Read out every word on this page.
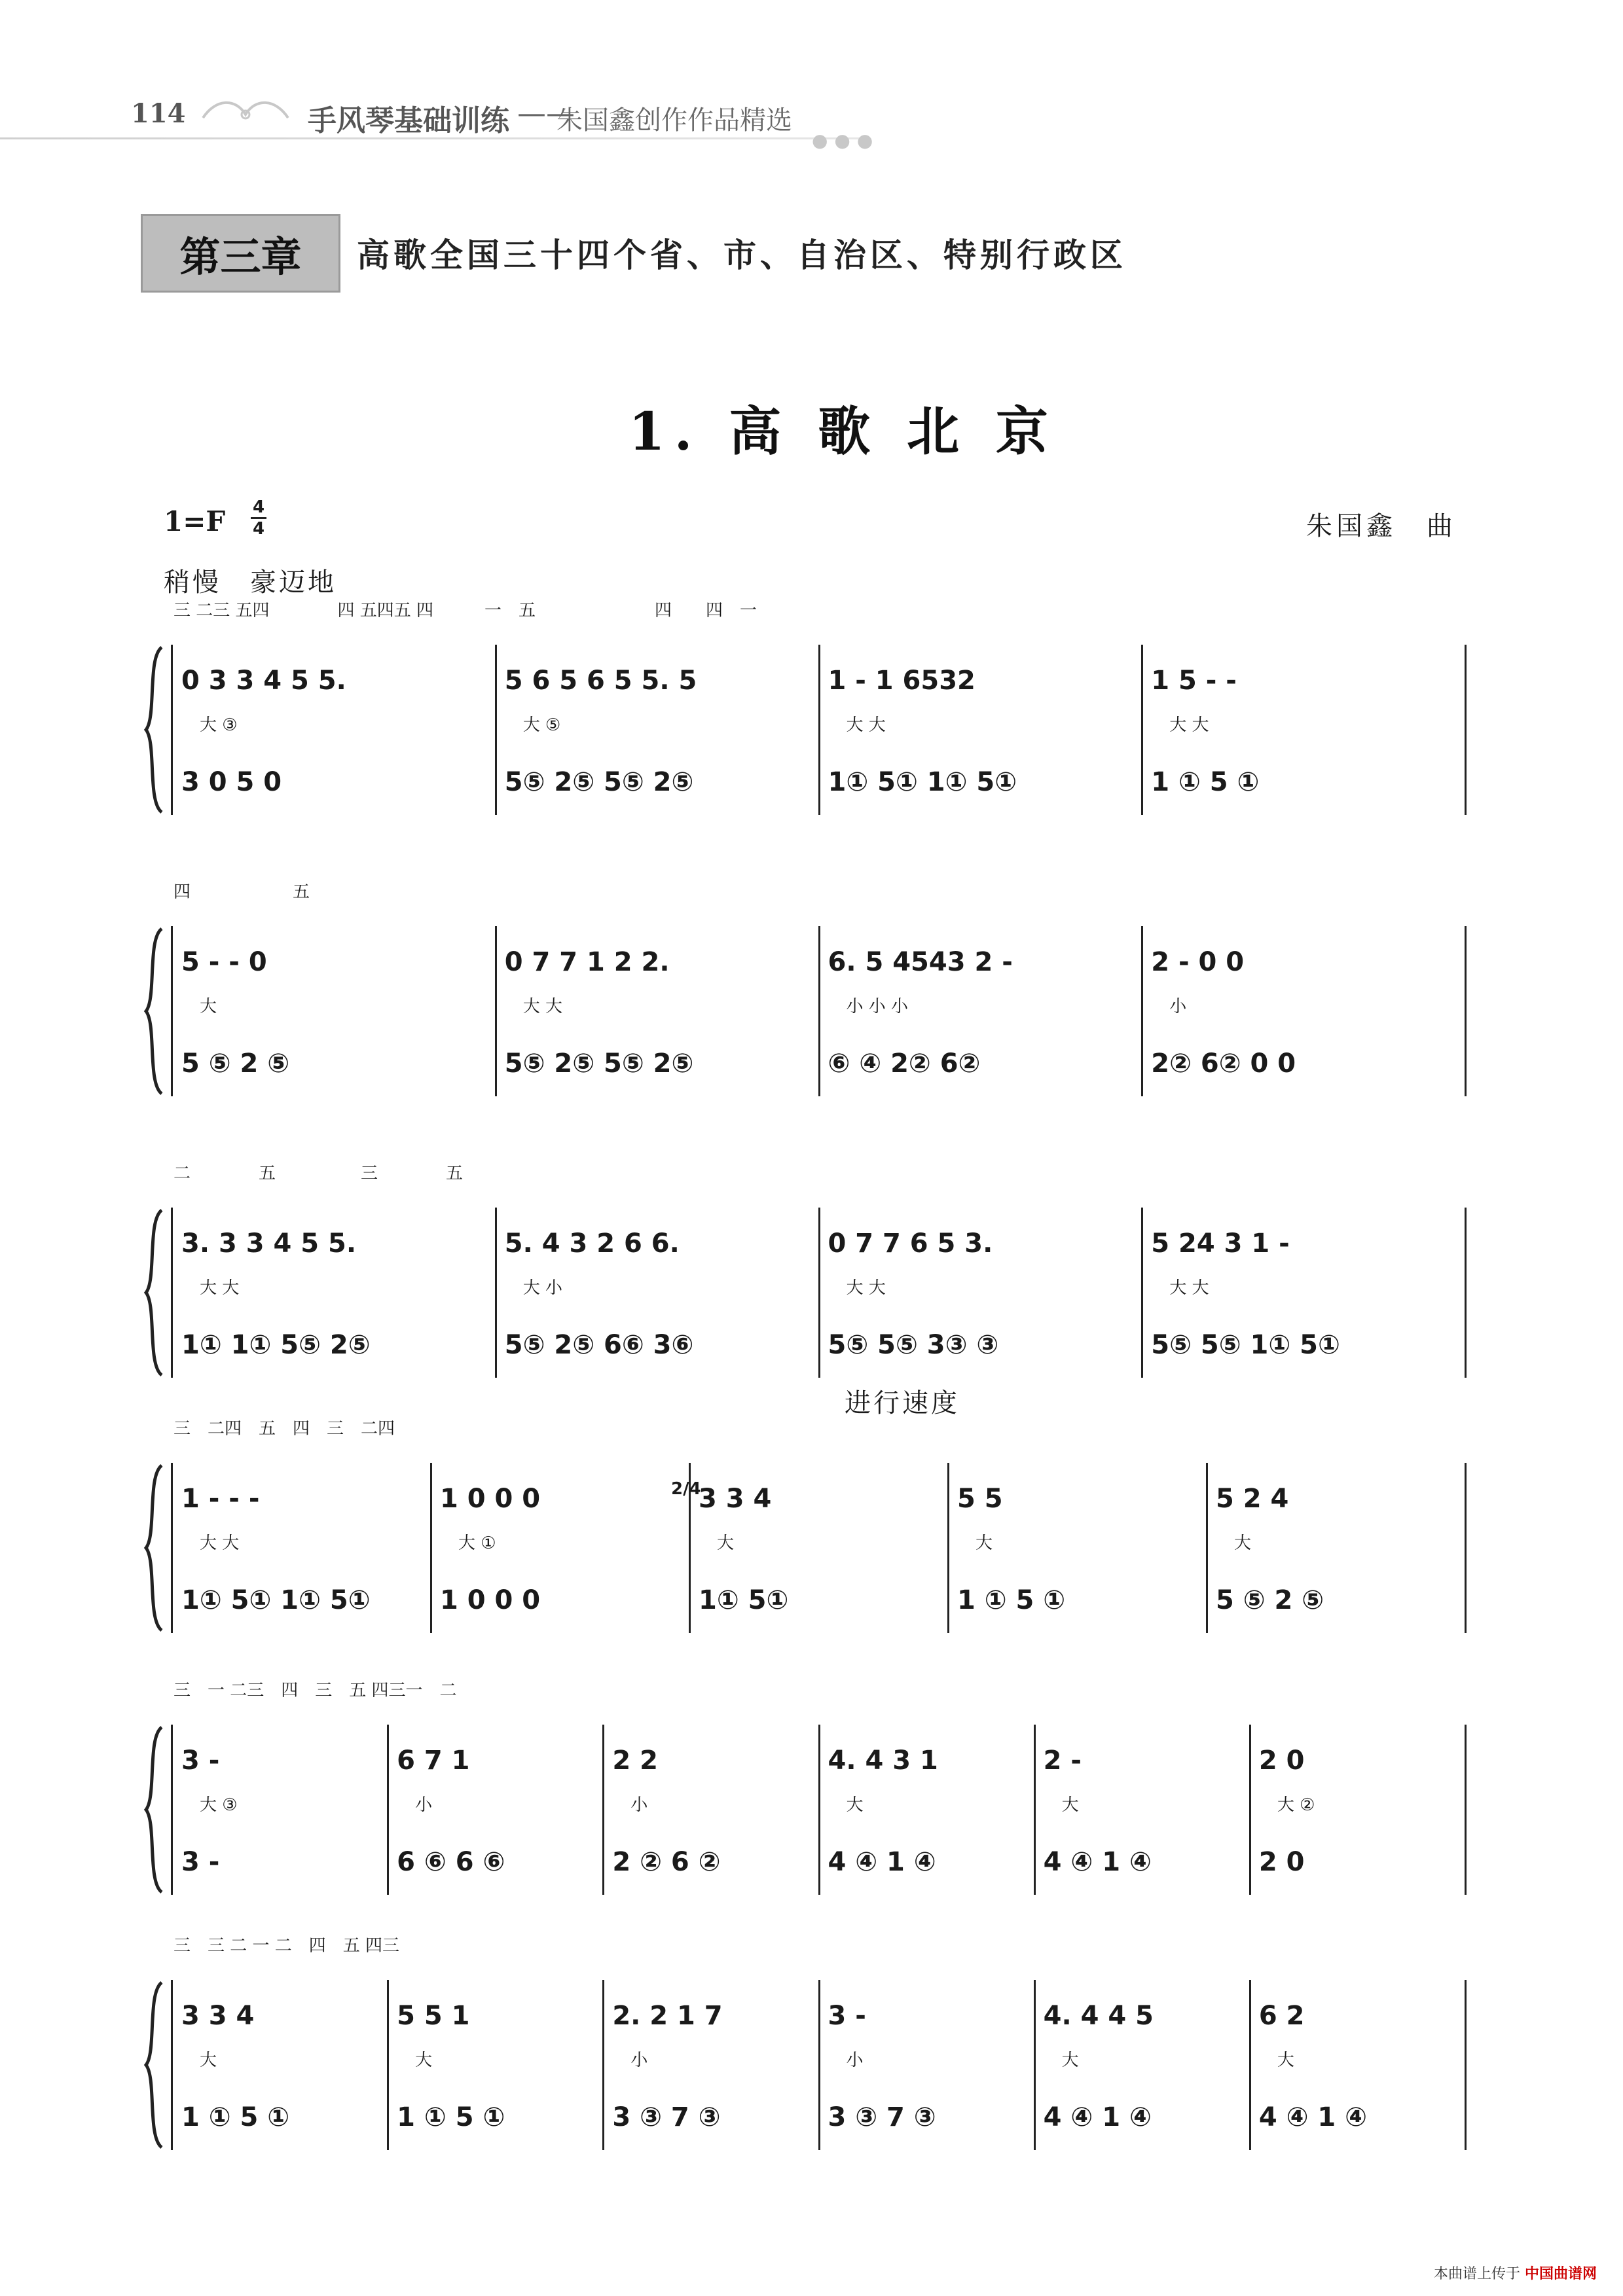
114	手风琴基础训练 ——
朱国鑫创作作品精选
●●●
第三章	高歌全国三十四个省、市、自治区、特别行政区
1. 高 歌 北 京
1=F	4
4	朱国鑫　曲
稍慢　豪迈地
进行速度
三 二三 五四　　　　四 五四五 四　　　一　五　　　　　　　四　　四　一
0 3 3 4 5 5.
大 ③
3 0 5 0
5 6 5 6 5 5. 5
大 ⑤
5⑤ 2⑤ 5⑤ 2⑤
1 - 1 6532
大 大
1① 5① 1① 5①
1 5 - -
大 大
1 ① 5 ①
四　　　　　　五
5 - - 0
大
5 ⑤ 2 ⑤
0 7 7 1 2 2.
大 大
5⑤ 2⑤ 5⑤ 2⑤
6. 5 4543 2 -
小 小 小
⑥ ④ 2② 6②
2 - 0 0
小
2② 6② 0 0
二　　　　五　　　　　三　　　　五
3. 3 3 4 5 5.
大 大
1① 1① 5⑤ 2⑤
5. 4 3 2 6 6.
大 小
5⑤ 2⑤ 6⑥ 3⑥
0 7 7 6 5 3.
大 大
5⑤ 5⑤ 3③ ③
5 24 3 1 -
大 大
5⑤ 5⑤ 1① 5①
三　二四　五　四　三　二四
1 - - -
大 大
1① 5① 1① 5①
1 0 0 0
大 ①
1 0 0 0
3 3 4
大
1① 5①
5 5
大
1 ① 5 ①
5 2 4
大
5 ⑤ 2 ⑤
2/4
三　一 二三　四　三　五 四三一　二
3 -
大 ③
3 -
6 7 1
小
6 ⑥ 6 ⑥
2 2
小
2 ② 6 ②
4. 4 3 1
大
4 ④ 1 ④
2 -
大
4 ④ 1 ④
2 0
大 ②
2 0
三　三 二 一 二　四　五 四三
3 3 4
大
1 ① 5 ①
5 5 1
大
1 ① 5 ①
2. 2 1 7
小
3 ③ 7 ③
3 -
小
3 ③ 7 ③
4. 4 4 5
大
4 ④ 1 ④
6 2
大
4 ④ 1 ④
本曲谱上传于 中国曲谱网
